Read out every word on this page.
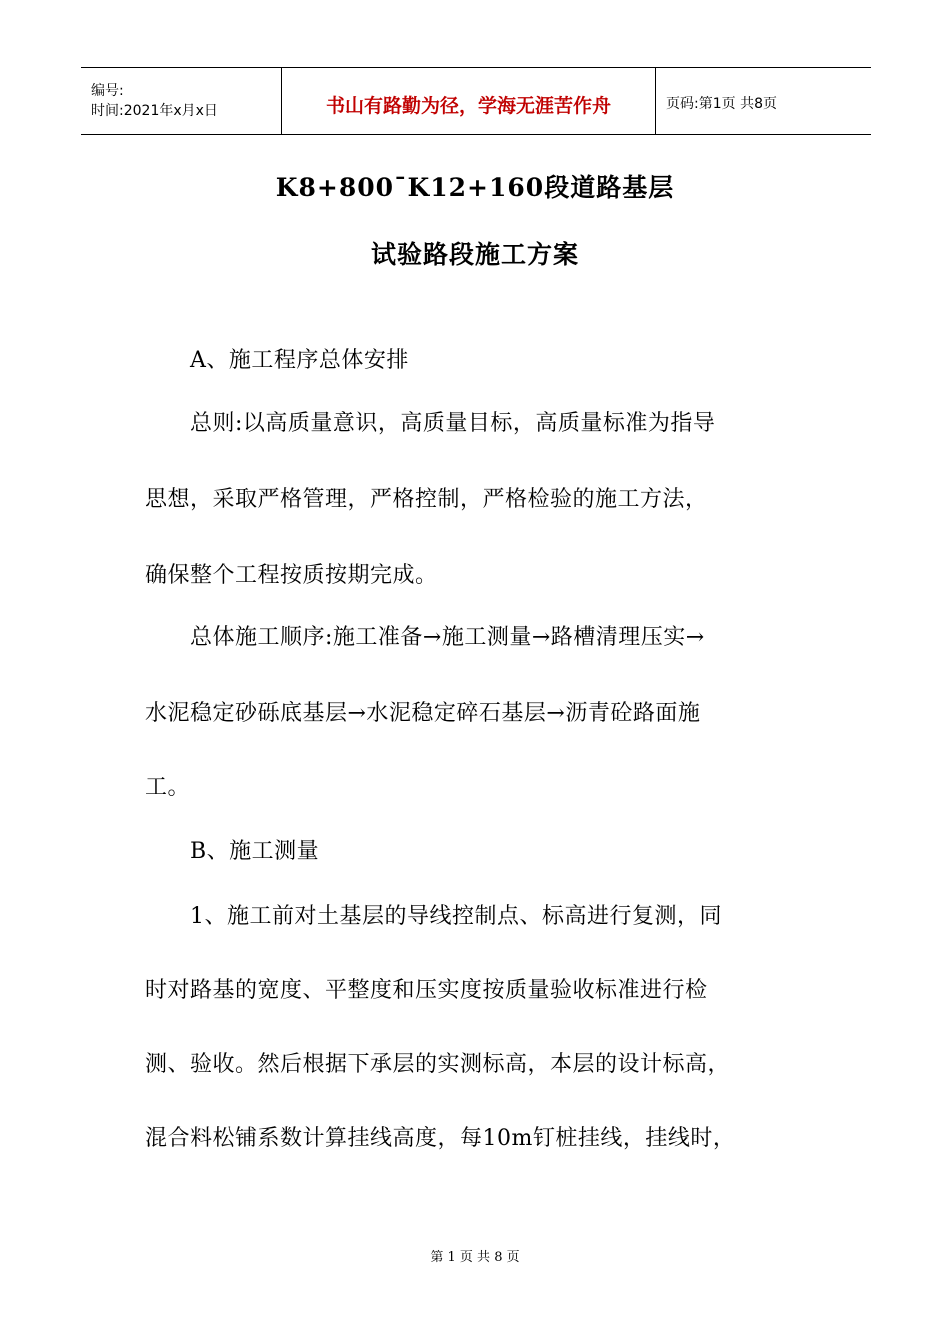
编号:
时间:2021年x月x日	书山有路勤为径，学海无涯苦作舟	页码:第1页 共8页
K8+800¯K12+160段道路基层
试验路段施工方案
A、施工程序总体安排
总则:以高质量意识，高质量目标，高质量标准为指导
思想，采取严格管理，严格控制，严格检验的施工方法，
确保整个工程按质按期完成。
总体施工顺序:施工准备→施工测量→路槽清理压实→
水泥稳定砂砾底基层→水泥稳定碎石基层→沥青砼路面施
工。
B、施工测量
1、施工前对土基层的导线控制点、标高进行复测，同
时对路基的宽度、平整度和压实度按质量验收标准进行检
测、验收。然后根据下承层的实测标高，本层的设计标高，
混合料松铺系数计算挂线高度，每10m钉桩挂线，挂线时，
第 1 页 共 8 页
